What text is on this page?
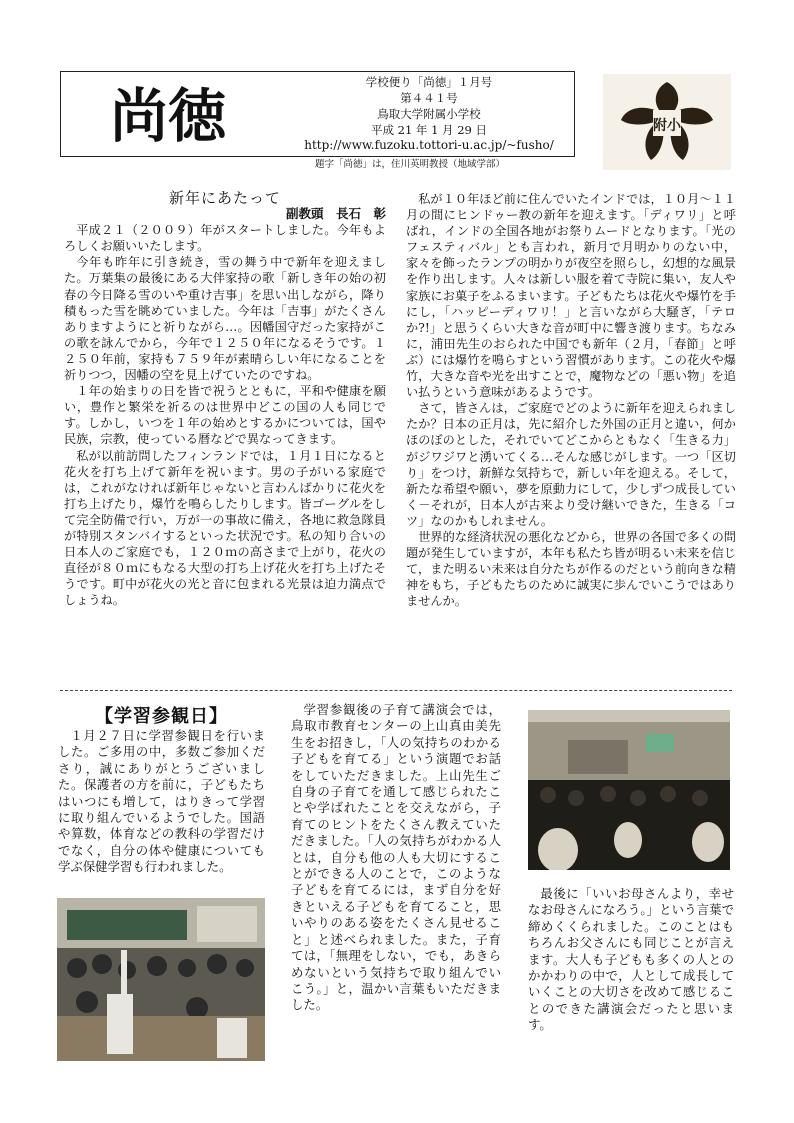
学校便り「尚徳」１月号
第４４１号
鳥取大学附属小学校
平成 21 年 1 月 29 日
http://www.fuzoku.tottori-u.ac.jp/~fusho/
尚徳
題字「尚徳」は，住川英明教授（地域学部）
附小
新年にあたって
副教頭　長石　彰

平成２１（２００９）年がスタートしました。今年もよろしくお願いいたします。

今年も昨年に引き続き，雪の舞う中で新年を迎えました。万葉集の最後にある大伴家持の歌「新しき年の始の初春の今日降る雪のいや重け吉事」を思い出しながら，降り積もった雪を眺めていました。今年は「吉事」がたくさんありますようにと祈りながら…。因幡国守だった家持がこの歌を詠んでから，今年で１２５０年になるそうです。１２５０年前，家持も７５９年が素晴らしい年になることを祈りつつ，因幡の空を見上げていたのですね。

１年の始まりの日を皆で祝うとともに，平和や健康を願い，豊作と繁栄を祈るのは世界中どこの国の人も同じです。しかし，いつを１年の始めとするかについては，国や民族，宗教，使っている暦などで異なってきます。

私が以前訪問したフィンランドでは，１月１日になると花火を打ち上げて新年を祝います。男の子がいる家庭では，これがなければ新年じゃないと言わんばかりに花火を打ち上げたり，爆竹を鳴らしたりします。皆ゴーグルをして完全防備で行い，万が一の事故に備え，各地に救急隊員が特別スタンバイするといった状況です。私の知り合いの日本人のご家庭でも，１２０ｍの高さまで上がり，花火の直径が８０ｍにもなる大型の打ち上げ花火を打ち上げたそうです。町中が花火の光と音に包まれる光景は迫力満点でしょうね。

私が１０年ほど前に住んでいたインドでは，１０月～１１月の間にヒンドゥー教の新年を迎えます。「ディワリ」と呼ばれ，インドの全国各地がお祭りムードとなります。「光のフェスティバル」とも言われ，新月で月明かりのない中，家々を飾ったランプの明かりが夜空を照らし，幻想的な風景を作り出します。人々は新しい服を着て寺院に集い，友人や家族にお菓子をふるまいます。子どもたちは花火や爆竹を手にし，「ハッピーディワリ！」と言いながら大騒ぎ，「テロか?!」と思うくらい大きな音が町中に響き渡ります。ちなみに，浦田先生のおられた中国でも新年（２月，「春節」と呼ぶ）には爆竹を鳴らすという習慣があります。この花火や爆竹，大きな音や光を出すことで，魔物などの「悪い物」を追い払うという意味があるようです。

さて，皆さんは，ご家庭でどのように新年を迎えられましたか？日本の正月は，先に紹介した外国の正月と違い，何かほのぼのとした，それでいてどこからともなく「生きる力」がジワジワと湧いてくる…そんな感じがします。一つ「区切り」をつけ，新鮮な気持ちで，新しい年を迎える。そして，新たな希望や願い，夢を原動力にして，少しずつ成長していく－それが，日本人が古来より受け継いできた，生きる「コツ」なのかもしれません。

世界的な経済状況の悪化などから，世界の各国で多くの問題が発生していますが，本年も私たち皆が明るい未来を信じて，また明るい未来は自分たちが作るのだという前向きな精神をもち，子どもたちのために誠実に歩んでいこうではありませんか。

【学習参観日】

１月２７日に学習参観日を行いました。ご多用の中，多数ご参加くださり，誠にありがとうございました。保護者の方を前に，子どもたちはいつにも増して，はりきって学習に取り組んでいるようでした。国語や算数，体育などの教科の学習だけでなく，自分の体や健康についても学ぶ保健学習も行われました。

学習参観後の子育て講演会では，鳥取市教育センターの上山真由美先生をお招きし，「人の気持ちのわかる子どもを育てる」という演題でお話をしていただきました。上山先生ご自身の子育てを通して感じられたことや学ばれたことを交えながら，子育てのヒントをたくさん教えていただきました。「人の気持ちがわかる人とは，自分も他の人も大切にすることができる人のことで，このような子どもを育てるには，まず自分を好きといえる子どもを育てること，思いやりのある姿をたくさん見せること」と述べられました。また，子育ては，「無理をしない，でも，あきらめないという気持ちで取り組んでいこう。」と，温かい言葉もいただきました。

最後に「いいお母さんより，幸せなお母さんになろう。」という言葉で締めくくられました。このことはもちろんお父さんにも同じことが言えます。大人も子どもも多くの人とのかかわりの中で，人として成長していくことの大切さを改めて感じることのできた講演会だったと思います。
